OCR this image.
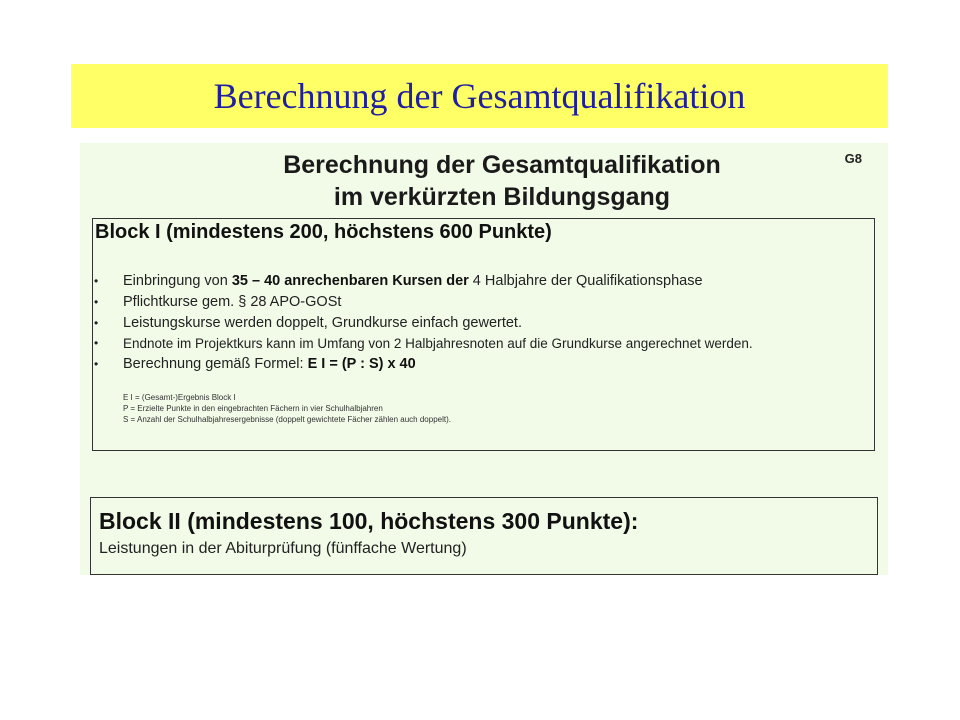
Berechnung der Gesamtqualifikation
Berechnung der Gesamtqualifikation
im verkürzten Bildungsgang
G8
Block I (mindestens 200, höchstens 600 Punkte)
• Einbringung von 35 – 40 anrechenbaren Kursen der 4 Halbjahre der Qualifikationsphase
• Pflichtkurse gem. § 28 APO-GOSt
• Leistungskurse werden doppelt, Grundkurse einfach gewertet.
• Endnote im Projektkurs kann im Umfang von 2 Halbjahresnoten auf die Grundkurse angerechnet werden.
• Berechnung gemäß Formel: E I = (P : S) x 40
E I = (Gesamt-)Ergebnis Block I
P = Erzielte Punkte in den eingebrachten Fächern in vier Schulhalbjahren
S = Anzahl der Schulhalbjahresergebnisse (doppelt gewichtete Fächer zählen auch doppelt).
Block II (mindestens 100, höchstens 300 Punkte):
Leistungen in der Abiturprüfung (fünffache Wertung)
